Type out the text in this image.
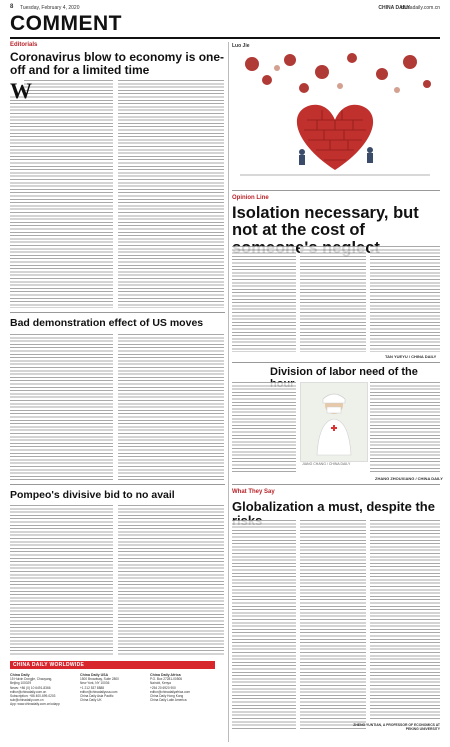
8 Tuesday, February 4, 2020	CHINA DAILY
chinadaily.com.cn
COMMENT
Editorials
Coronavirus blow to economy is one-off and for a limited time
W
Bad demonstration effect of US moves
Pompeo's divisive bid to no avail
Luo Jie
Opinion Line
Isolation necessary, but not at the cost of
TAN YUEYU / CHINA DAILY
Division of labor need of the
JIANG CHANG / CHINA DAILY
ZHANG ZHOUXIANG / CHINA DAILY
What They Say
Globalization a must, despite the
ZHENG YUNTIAN, A PROFESSOR OF ECONOMICS AT PEKING UNIVERSITY
CHINA DAILY WORLDWIDE
China Daily
15 Huixin Dongjie, Chaoyang,
Beijing 100029
News: +86 (0) 10 6491-8366
editor@chinadaily.com.cn
Subscription: +86 400-699-0203
sub@chinadaily.com.cn
App: www.chinadaily.com.cn/cdapp
China Daily USA
1500 Broadway, Suite 2800
New York, NY 10036
+1 212 537 8888
editor@chinadailyusa.com
China Daily Asia Pacific
China Daily UK
China Daily Africa
P.O. Box 27281-00506
Nairobi, Kenya
+254 20 6920 900
editor@chinadailyafrica.com
China Daily Hong Kong
China Daily Latin America
